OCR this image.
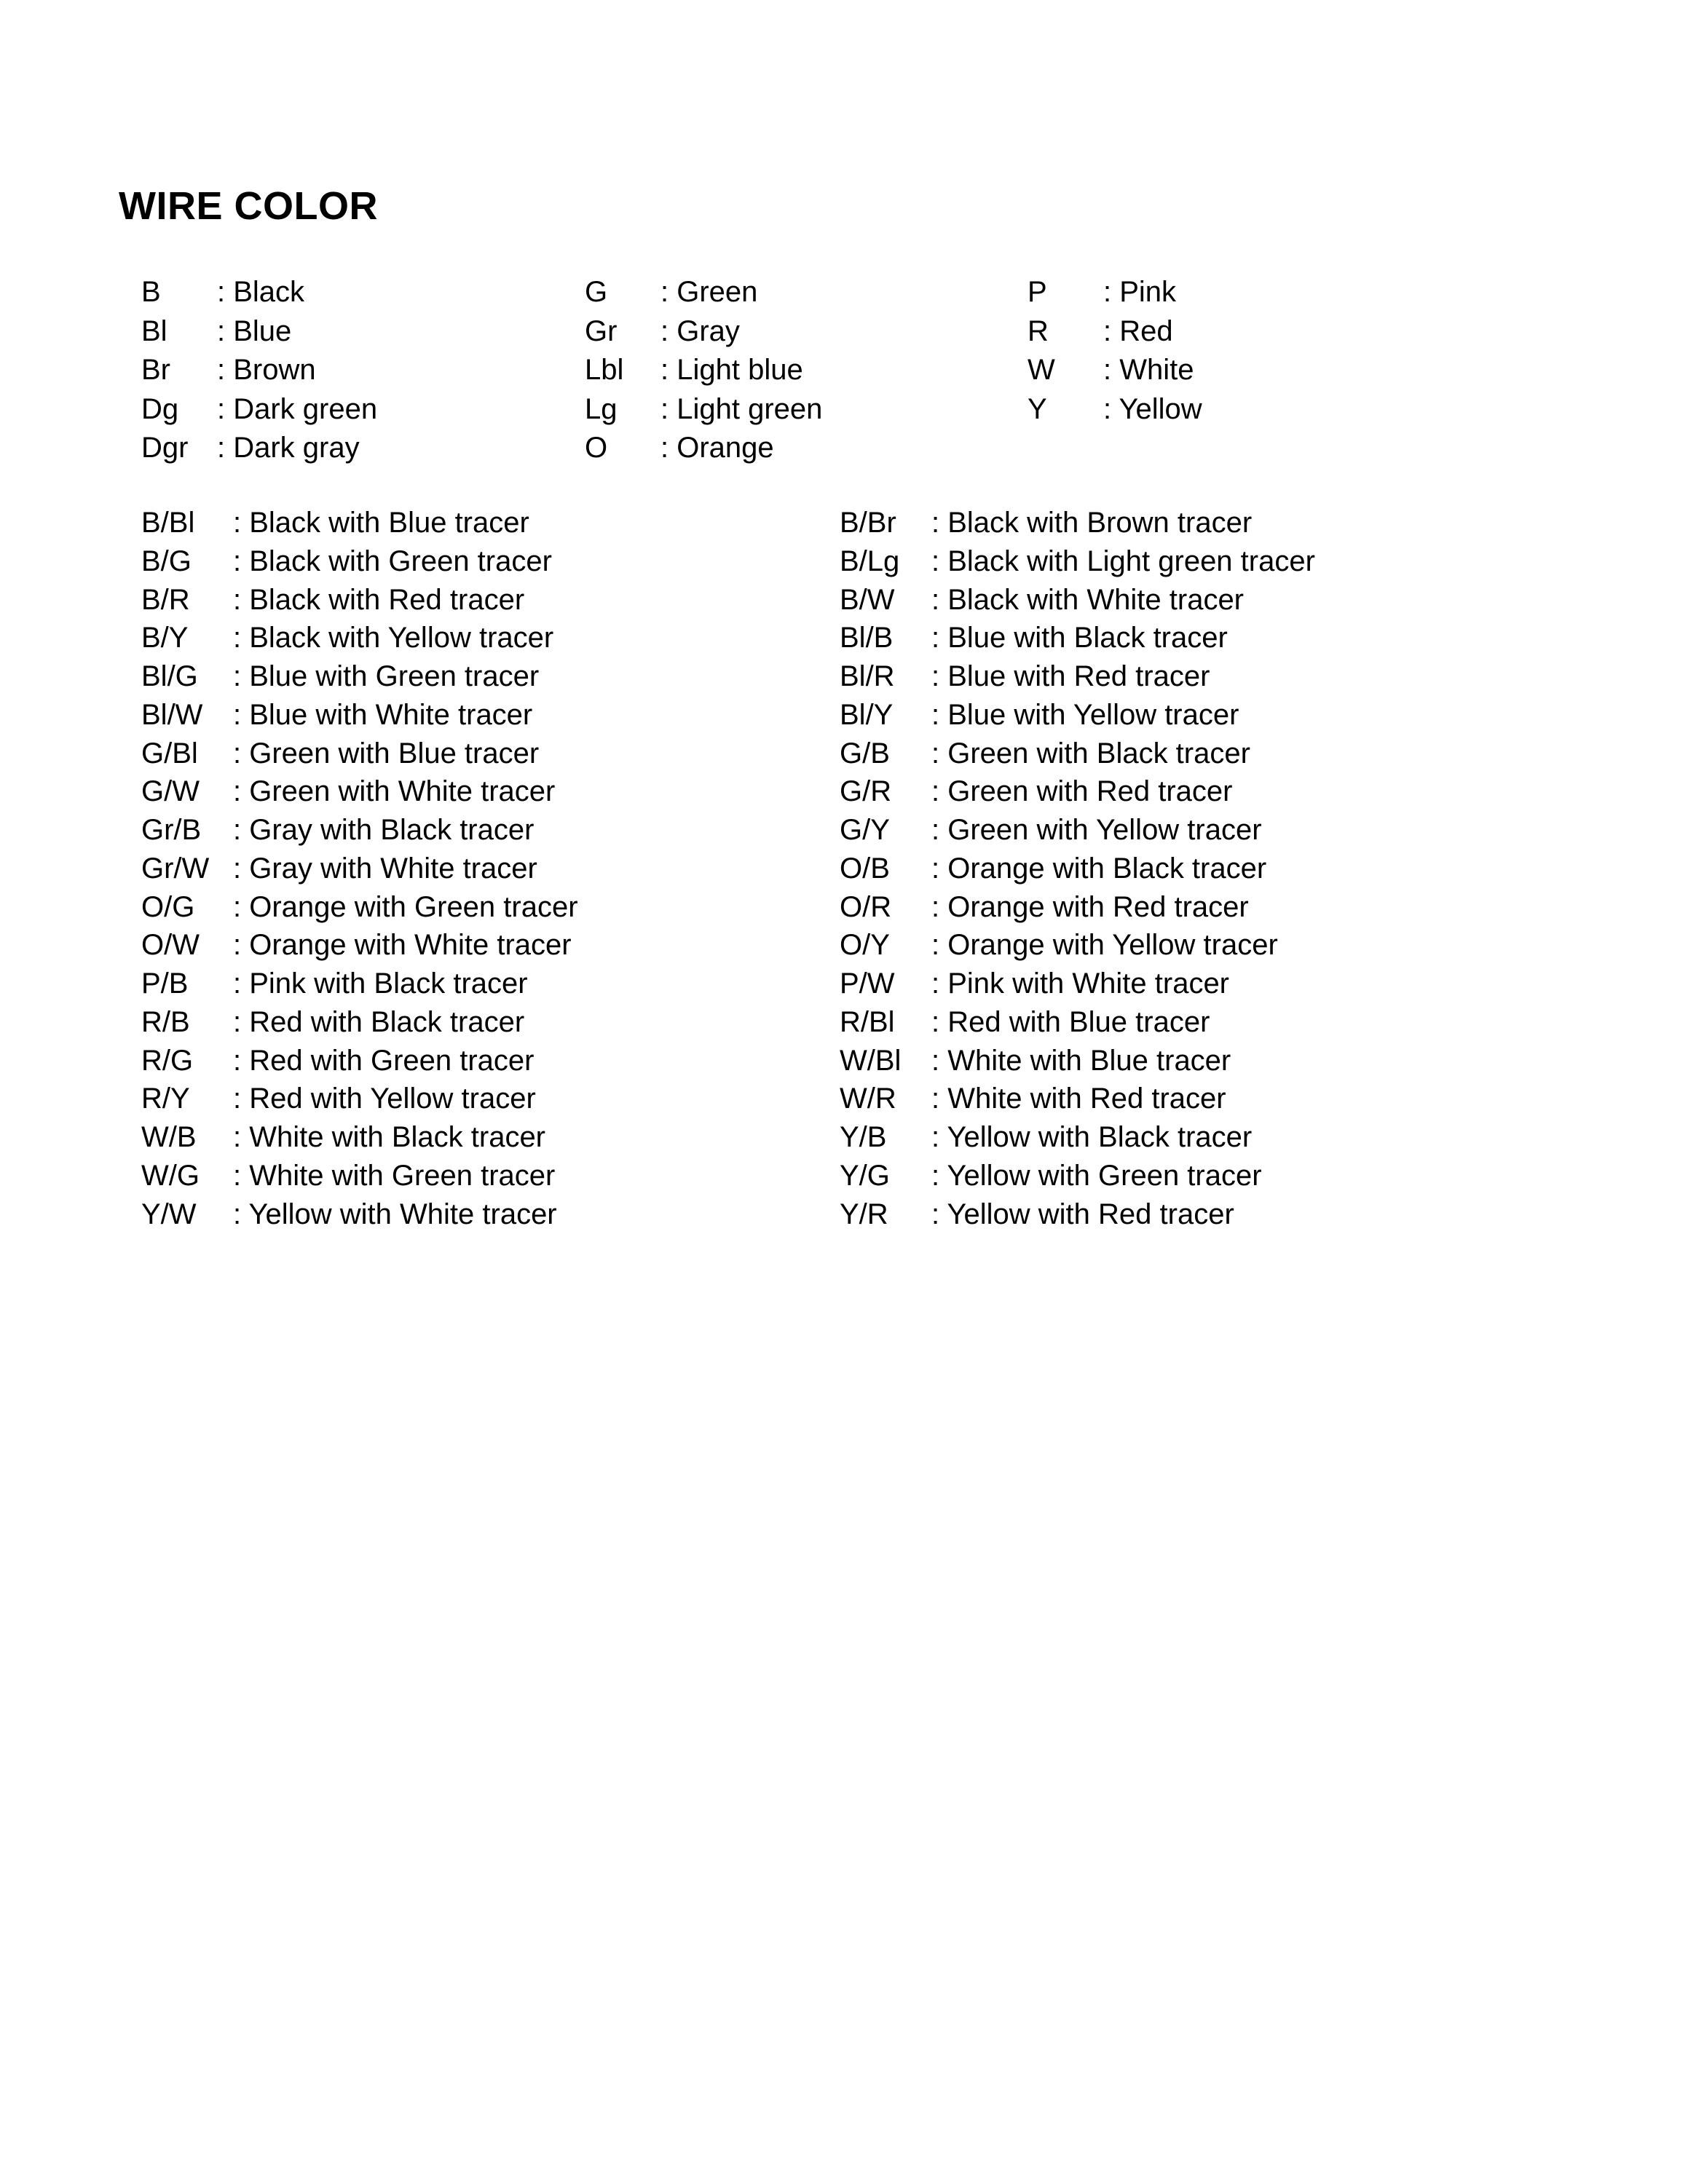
WIRE COLOR
B : Black
Bl : Blue
Br : Brown
Dg : Dark green
Dgr : Dark gray
G : Green
Gr : Gray
Lbl : Light blue
Lg : Light green
O : Orange
P : Pink
R : Red
W : White
Y : Yellow
B/Bl : Black with Blue tracer
B/G : Black with Green tracer
B/R : Black with Red tracer
B/Y : Black with Yellow tracer
Bl/G : Blue with Green tracer
Bl/W : Blue with White tracer
G/Bl : Green with Blue tracer
G/W : Green with White tracer
Gr/B : Gray with Black tracer
Gr/W : Gray with White tracer
O/G : Orange with Green tracer
O/W : Orange with White tracer
P/B : Pink with Black tracer
R/B : Red with Black tracer
R/G : Red with Green tracer
R/Y : Red with Yellow tracer
W/B : White with Black tracer
W/G : White with Green tracer
Y/W : Yellow with White tracer
B/Br : Black with Brown tracer
B/Lg : Black with Light green tracer
B/W : Black with White tracer
Bl/B : Blue with Black tracer
Bl/R : Blue with Red tracer
Bl/Y : Blue with Yellow tracer
G/B : Green with Black tracer
G/R : Green with Red tracer
G/Y : Green with Yellow tracer
O/B : Orange with Black tracer
O/R : Orange with Red tracer
O/Y : Orange with Yellow tracer
P/W : Pink with White tracer
R/Bl : Red with Blue tracer
W/Bl : White with Blue tracer
W/R : White with Red tracer
Y/B : Yellow with Black tracer
Y/G : Yellow with Green tracer
Y/R : Yellow with Red tracer
